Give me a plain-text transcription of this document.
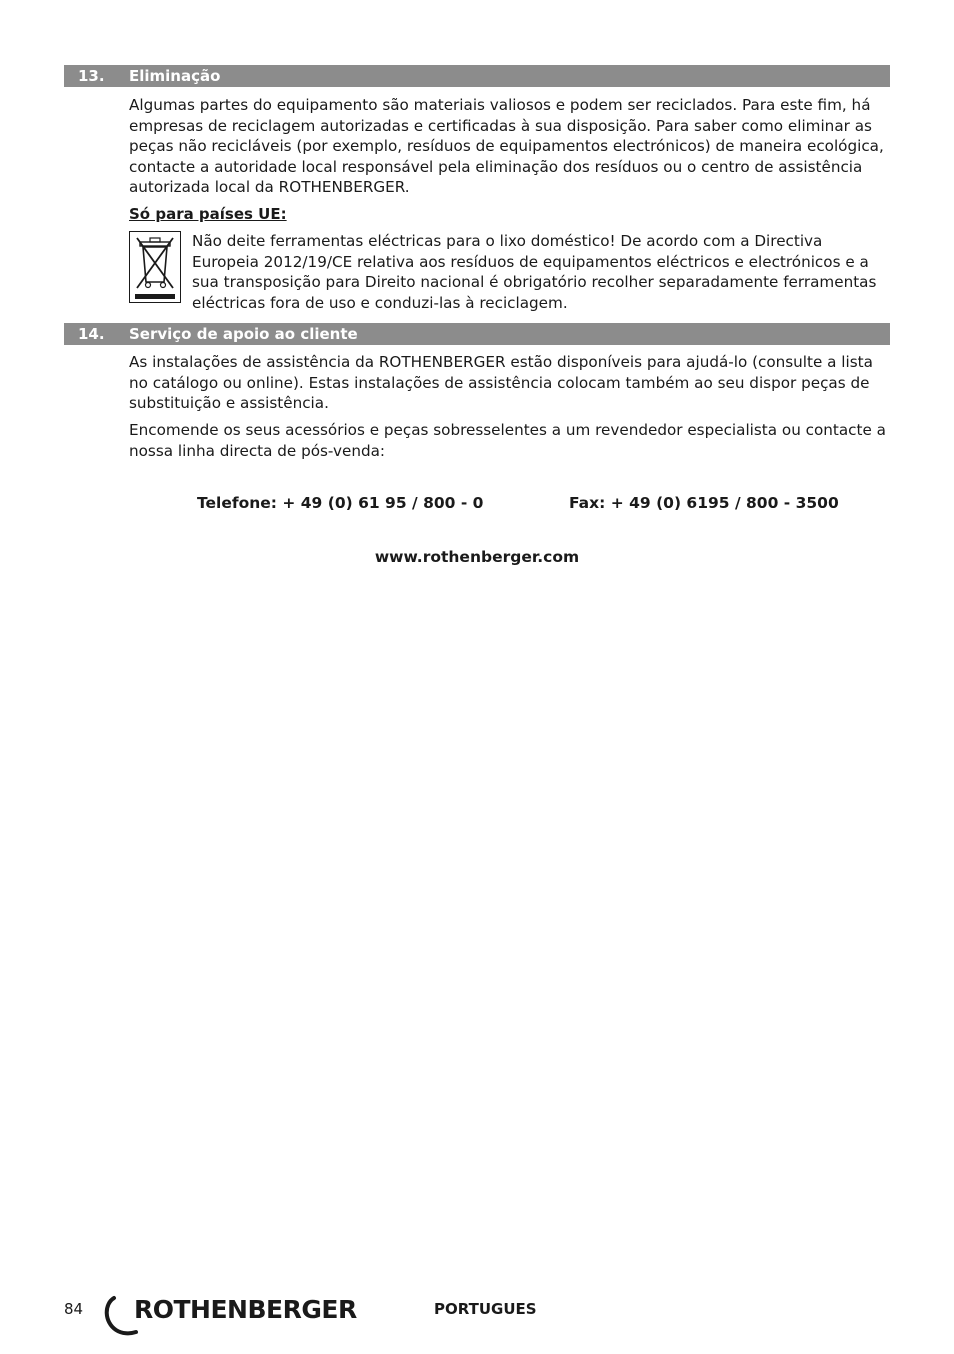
13. Eliminação

Algumas partes do equipamento são materiais valiosos e podem ser reciclados. Para este fim, há empresas de reciclagem autorizadas e certificadas à sua disposição. Para saber como eliminar as peças não recicláveis (por exemplo, resíduos de equipamentos electrónicos) de maneira ecológica, contacte a autoridade local responsável pela eliminação dos resíduos ou o centro de assistência autorizada local da ROTHENBERGER.

Só para países UE:

Não deite ferramentas eléctricas para o lixo doméstico! De acordo com a Directiva Europeia 2012/19/CE relativa aos resíduos de equipamentos eléctricos e electrónicos e a sua transposição para Direito nacional é obrigatório recolher separadamente ferramentas eléctricas fora de uso e conduzi-las à reciclagem.

14. Serviço de apoio ao cliente

As instalações de assistência da ROTHENBERGER estão disponíveis para ajudá-lo (consulte a lista no catálogo ou online). Estas instalações de assistência colocam também ao seu dispor peças de substituição e assistência.

Encomende os seus acessórios e peças sobresselentes a um revendedor especialista ou contacte a nossa linha directa de pós-venda:

Telefone: + 49 (0) 61 95 / 800 - 0	Fax: + 49 (0) 6195 / 800 - 3500
www.rothenberger.com
84 ROTHENBERGER	PORTUGUES
